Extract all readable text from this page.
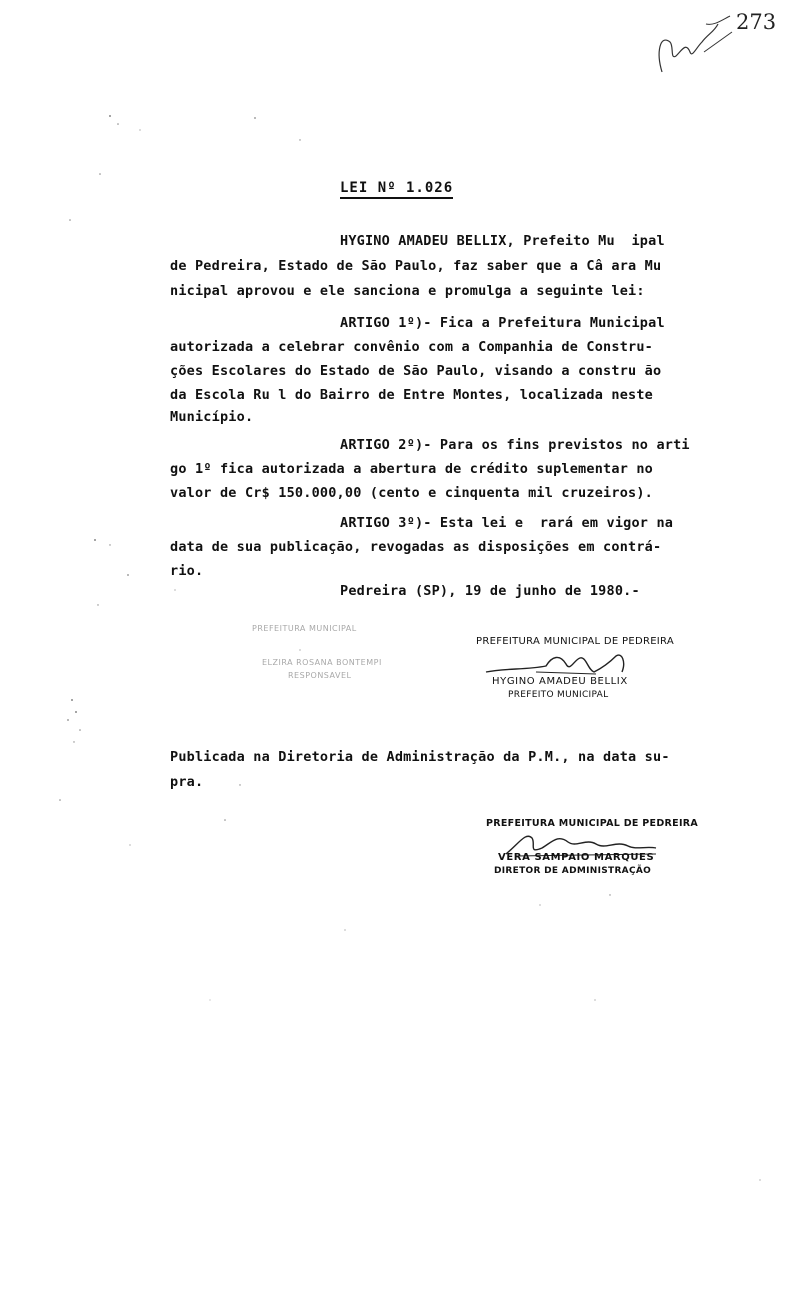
273
LEI Nº 1.026
HYGINO AMADEU BELLIX, Prefeito Mu  ipal
de Pedreira, Estado de São Paulo, faz saber que a Câ ara Mu
nicipal aprovou e ele sanciona e promulga a seguinte lei:
ARTIGO 1º)- Fica a Prefeitura Municipal
autorizada a celebrar convênio com a Companhia de Constru-
ções Escolares do Estado de São Paulo, visando a constru ão
da Escola Ru l do Bairro de Entre Montes, localizada neste
Município.
ARTIGO 2º)- Para os fins previstos no arti
go 1º fica autorizada a abertura de crédito suplementar no
valor de Cr$ 150.000,00 (cento e cinquenta mil cruzeiros).
ARTIGO 3º)- Esta lei e  rará em vigor na
data de sua publicação, revogadas as disposições em contrá-
rio.
Pedreira (SP), 19 de junho de 1980.-
PREFEITURA MUNICIPAL
ELZIRA ROSANA BONTEMPI
RESPONSAVEL
PREFEITURA MUNICIPAL DE PEDREIRA
HYGINO AMADEU BELLIX
PREFEITO MUNICIPAL
Publicada na Diretoria de Administração da P.M., na data su-
pra.
PREFEITURA MUNICIPAL DE PEDREIRA
VERA SAMPAIO MARQUES
DIRETOR DE ADMINISTRAÇÃO
